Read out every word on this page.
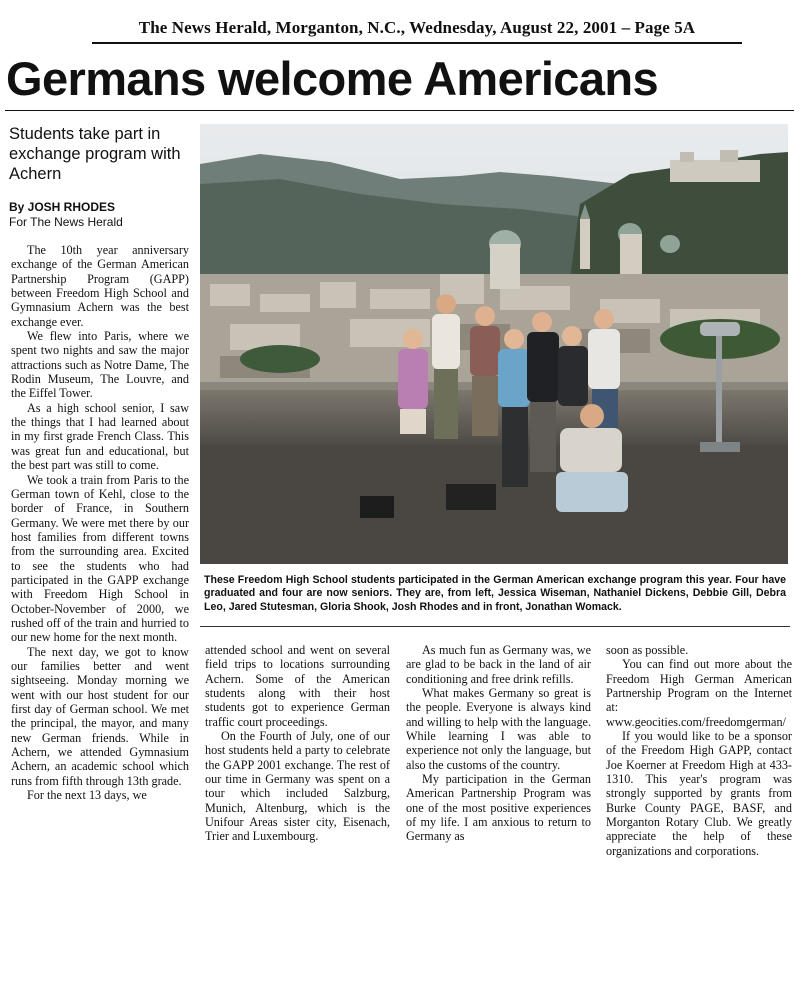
The News Herald, Morganton, N.C., Wednesday, August 22, 2001 – Page 5A
Germans welcome Americans
Students take part in exchange program with Achern
By JOSH RHODES
For The News Herald
These Freedom High School students participated in the German American exchange program this year. Four have graduated and four are now seniors. They are, from left, Jessica Wiseman, Nathaniel Dickens, Debbie Gill, Debra Leo, Jared Stutesman, Gloria Shook, Josh Rhodes and in front, Jonathan Womack.

The 10th year anniversary exchange of the German American Partnership Program (GAPP) between Freedom High School and Gymnasium Achern was the best exchange ever.

We flew into Paris, where we spent two nights and saw the major attractions such as Notre Dame, The Rodin Museum, The Louvre, and the Eiffel Tower.

As a high school senior, I saw the things that I had learned about in my first grade French Class. This was great fun and educational, but the best part was still to come.

We took a train from Paris to the German town of Kehl, close to the border of France, in Southern Germany. We were met there by our host families from different towns from the surrounding area. Excited to see the students who had participated in the GAPP exchange with Freedom High School in October-November of 2000, we rushed off of the train and hurried to our new home for the next month.

The next day, we got to know our families better and went sightseeing. Monday morning we went with our host student for our first day of German school. We met the principal, the mayor, and many new German friends. While in Achern, we attended Gymnasium Achern, an academic school which runs from fifth through 13th grade.

For the next 13 days, we

attended school and went on several field trips to locations surrounding Achern. Some of the American students along with their host students got to experience German traffic court proceedings.

On the Fourth of July, one of our host students held a party to celebrate the GAPP 2001 exchange. The rest of our time in Germany was spent on a tour which included Salzburg, Munich, Altenburg, which is the Unifour Areas sister city, Eisenach, Trier and Luxembourg.

As much fun as Germany was, we are glad to be back in the land of air conditioning and free drink refills.

What makes Germany so great is the people. Everyone is always kind and willing to help with the language. While learning I was able to experience not only the language, but also the customs of the country.

My participation in the German American Partnership Program was one of the most positive experiences of my life. I am anxious to return to Germany as

soon as possible.

You can find out more about the Freedom High German American Partnership Program on the Internet at: www.geocities.com/freedomgerman/

If you would like to be a sponsor of the Freedom High GAPP, contact Joe Koerner at Freedom High at 433-1310. This year's program was strongly supported by grants from Burke County PAGE, BASF, and Morganton Rotary Club. We greatly appreciate the help of these organizations and corporations.
